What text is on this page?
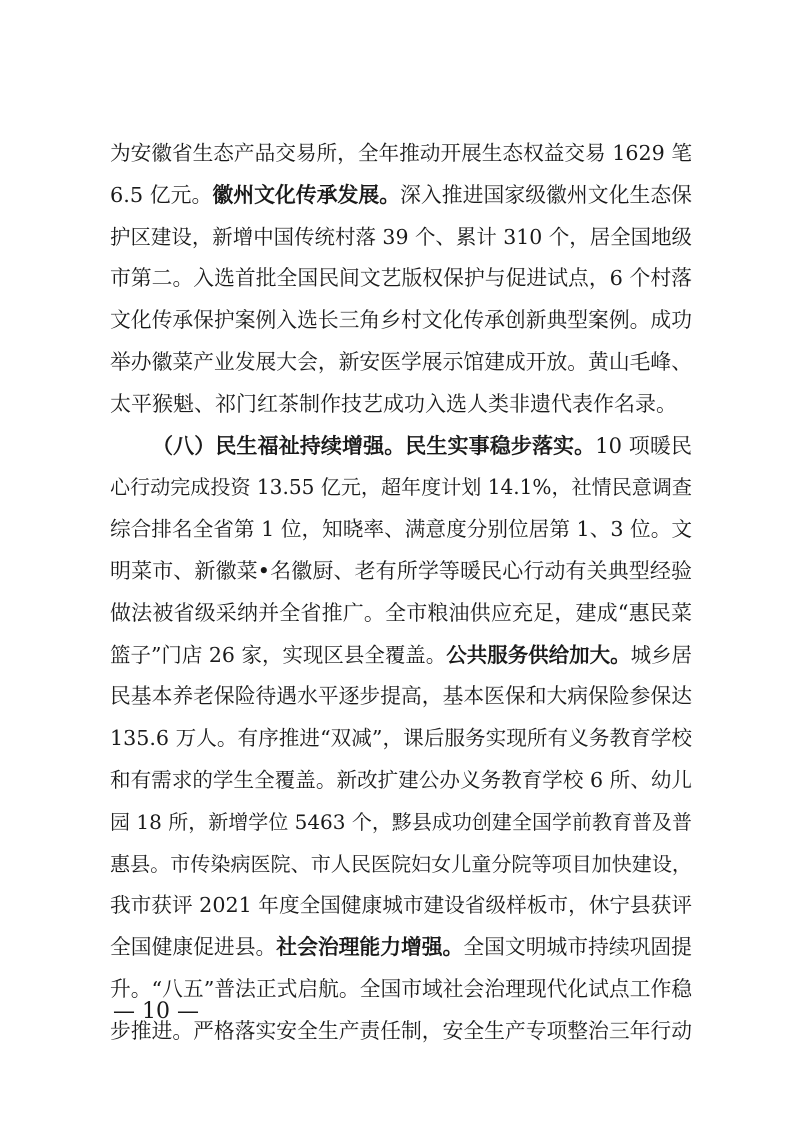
为安徽省生态产品交易所，全年推动开展生态权益交易 1629 笔
6.5 亿元。徽州文化传承发展。深入推进国家级徽州文化生态保
护区建设，新增中国传统村落 39 个、累计 310 个，居全国地级
市第二。入选首批全国民间文艺版权保护与促进试点，6 个村落
文化传承保护案例入选长三角乡村文化传承创新典型案例。成功
举办徽菜产业发展大会，新安医学展示馆建成开放。黄山毛峰、
太平猴魁、祁门红茶制作技艺成功入选人类非遗代表作名录。
（八）民生福祉持续增强。民生实事稳步落实。10 项暖民
心行动完成投资 13.55 亿元，超年度计划 14.1%，社情民意调查
综合排名全省第 1 位，知晓率、满意度分别位居第 1、3 位。文
明菜市、新徽菜•名徽厨、老有所学等暖民心行动有关典型经验
做法被省级采纳并全省推广。全市粮油供应充足，建成“惠民菜
篮子”门店 26 家，实现区县全覆盖。公共服务供给加大。城乡居
民基本养老保险待遇水平逐步提高，基本医保和大病保险参保达
135.6 万人。有序推进“双减”，课后服务实现所有义务教育学校
和有需求的学生全覆盖。新改扩建公办义务教育学校 6 所、幼儿
园 18 所，新增学位 5463 个，黟县成功创建全国学前教育普及普
惠县。市传染病医院、市人民医院妇女儿童分院等项目加快建设，
我市获评 2021 年度全国健康城市建设省级样板市，休宁县获评
全国健康促进县。社会治理能力增强。全国文明城市持续巩固提
升。“八五”普法正式启航。全国市域社会治理现代化试点工作稳
步推进。严格落实安全生产责任制，安全生产专项整治三年行动
— 10 —
